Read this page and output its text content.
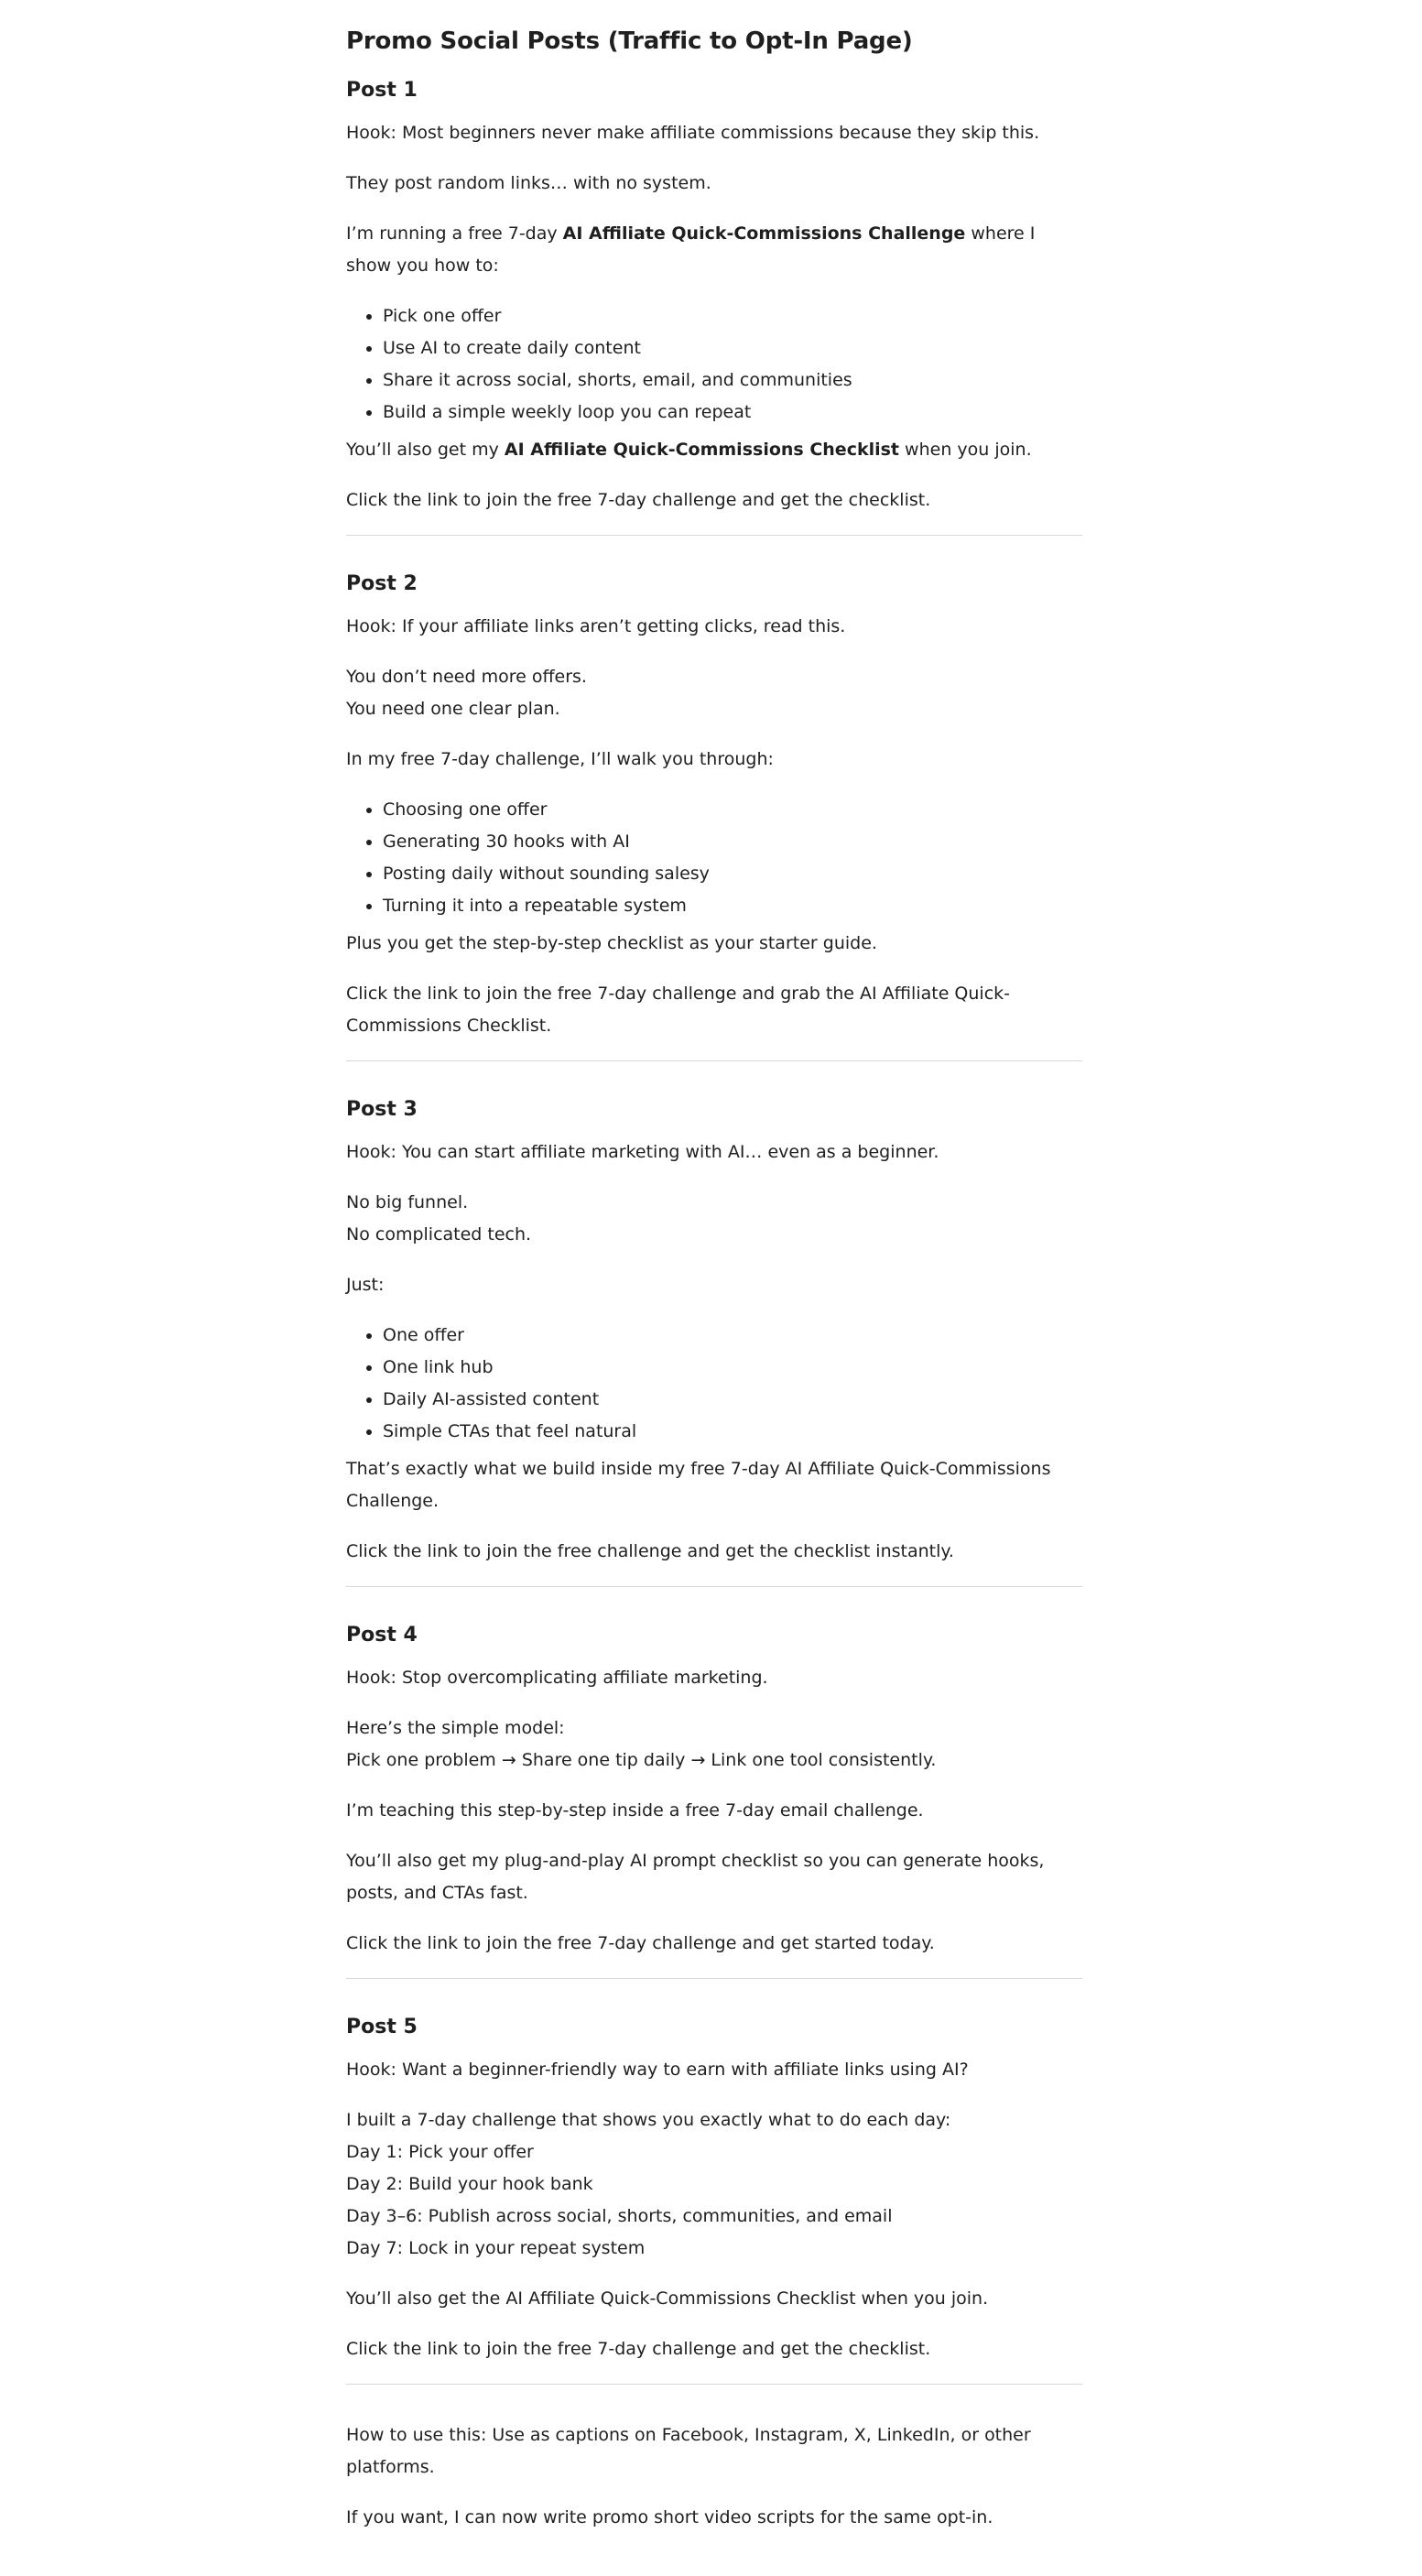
Promo Social Posts (Traffic to Opt-In Page)
Post 1

Hook: Most beginners never make affiliate commissions because they skip this.

They post random links… with no system.

I’m running a free 7-day AI Affiliate Quick-Commissions Challenge where I show you how to:

• Pick one offer
• Use AI to create daily content
• Share it across social, shorts, email, and communities
• Build a simple weekly loop you can repeat

You’ll also get my AI Affiliate Quick-Commissions Checklist when you join.

Click the link to join the free 7-day challenge and get the checklist.

Post 2

Hook: If your affiliate links aren’t getting clicks, read this.

You don’t need more offers.
You need one clear plan.

In my free 7-day challenge, I’ll walk you through:

• Choosing one offer
• Generating 30 hooks with AI
• Posting daily without sounding salesy
• Turning it into a repeatable system

Plus you get the step-by-step checklist as your starter guide.

Click the link to join the free 7-day challenge and grab the AI Affiliate Quick-Commissions Checklist.

Post 3

Hook: You can start affiliate marketing with AI… even as a beginner.

No big funnel.
No complicated tech.

Just:

• One offer
• One link hub
• Daily AI-assisted content
• Simple CTAs that feel natural

That’s exactly what we build inside my free 7-day AI Affiliate Quick-Commissions Challenge.

Click the link to join the free challenge and get the checklist instantly.

Post 4

Hook: Stop overcomplicating affiliate marketing.

Here’s the simple model:
Pick one problem → Share one tip daily → Link one tool consistently.

I’m teaching this step-by-step inside a free 7-day email challenge.

You’ll also get my plug-and-play AI prompt checklist so you can generate hooks, posts, and CTAs fast.

Click the link to join the free 7-day challenge and get started today.

Post 5

Hook: Want a beginner-friendly way to earn with affiliate links using AI?

I built a 7-day challenge that shows you exactly what to do each day:
Day 1: Pick your offer
Day 2: Build your hook bank
Day 3–6: Publish across social, shorts, communities, and email
Day 7: Lock in your repeat system

You’ll also get the AI Affiliate Quick-Commissions Checklist when you join.

Click the link to join the free 7-day challenge and get the checklist.

How to use this: Use as captions on Facebook, Instagram, X, LinkedIn, or other platforms.

If you want, I can now write promo short video scripts for the same opt-in.
